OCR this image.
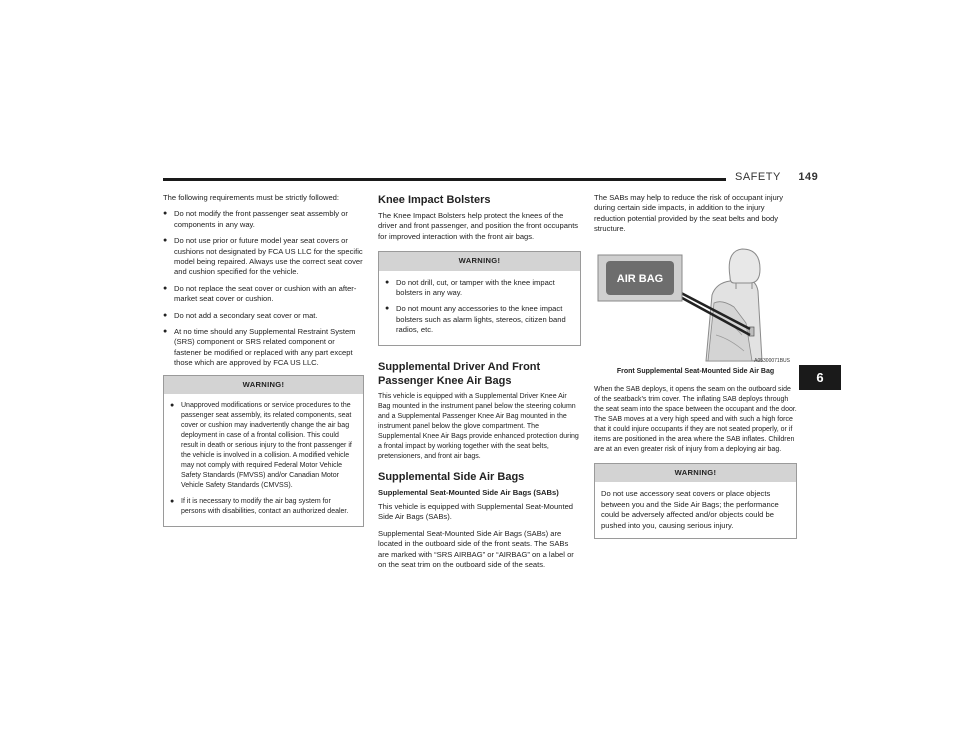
SAFETY 149

The following requirements must be strictly followed:

● Do not modify the front passenger seat assembly or components in any way.
● Do not use prior or future model year seat covers or cushions not designated by FCA US LLC for the specific model being repaired. Always use the correct seat cover and cushion specified for the vehicle.
● Do not replace the seat cover or cushion with an after-market seat cover or cushion.
● Do not add a secondary seat cover or mat.
● At no time should any Supplemental Restraint System (SRS) component or SRS related component or fastener be modified or replaced with any part except those which are approved by FCA US LLC.
WARNING!
● Unapproved modifications or service procedures to the passenger seat assembly, its related components, seat cover or cushion may inadvertently change the air bag deployment in case of a frontal collision. This could result in death or serious injury to the front passenger if the vehicle is involved in a collision. A modified vehicle may not comply with required Federal Motor Vehicle Safety Standards (FMVSS) and/or Canadian Motor Vehicle Safety Standards (CMVSS).
● If it is necessary to modify the air bag system for persons with disabilities, contact an authorized dealer.
Knee Impact Bolsters

The Knee Impact Bolsters help protect the knees of the driver and front passenger, and position the front occupants for improved interaction with the front air bags.

WARNING!
● Do not drill, cut, or tamper with the knee impact bolsters in any way.
● Do not mount any accessories to the knee impact bolsters such as alarm lights, stereos, citizen band radios, etc.
Supplemental Driver And Front Passenger Knee Air Bags

This vehicle is equipped with a Supplemental Driver Knee Air Bag mounted in the instrument panel below the steering column and a Supplemental Passenger Knee Air Bag mounted in the instrument panel below the glove compartment. The Supplemental Knee Air Bags provide enhanced protection during a frontal impact by working together with the seat belts, pretensioners, and front air bags.

Supplemental Side Air Bags
Supplemental Seat-Mounted Side Air Bags (SABs)

This vehicle is equipped with Supplemental Seat-Mounted Side Air Bags (SABs).

Supplemental Seat-Mounted Side Air Bags (SABs) are located in the outboard side of the front seats. The SABs are marked with “SRS AIRBAG” or “AIRBAG” on a label or on the seat trim on the outboard side of the seats.

The SABs may help to reduce the risk of occupant injury during certain side impacts, in addition to the injury reduction potential provided by the seat belts and body structure.

AIR BAG
A05300071BUS
Front Supplemental Seat-Mounted Side Air Bag

When the SAB deploys, it opens the seam on the outboard side of the seatback’s trim cover. The inflating SAB deploys through the seat seam into the space between the occupant and the door. The SAB moves at a very high speed and with such a high force that it could injure occupants if they are not seated properly, or if items are positioned in the area where the SAB inflates. Children are at an even greater risk of injury from a deploying air bag.

WARNING!

Do not use accessory seat covers or place objects between you and the Side Air Bags; the performance could be adversely affected and/or objects could be pushed into you, causing serious injury.

6
